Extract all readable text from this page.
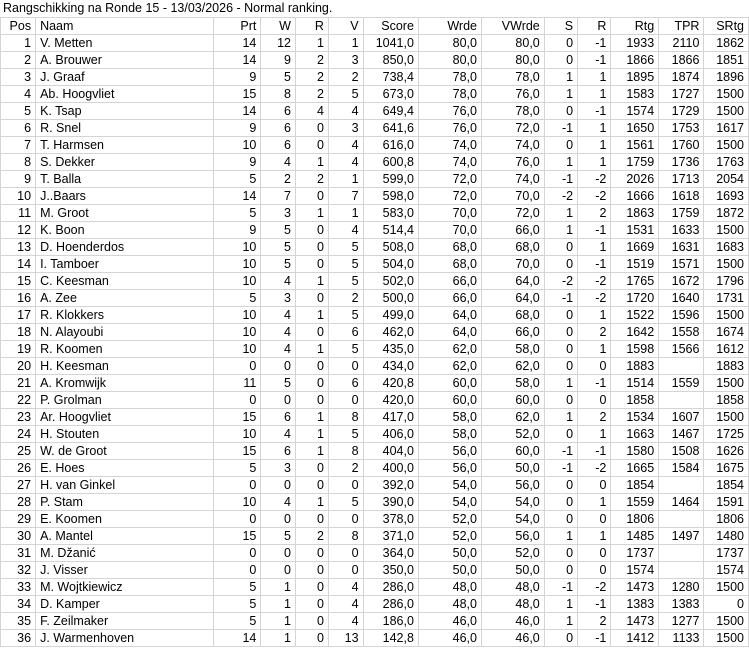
Rangschikking na Ronde 15 - 13/03/2026 - Normal ranking.
Pos	Naam	Prt	W	R	V	Score	Wrde	VWrde	S	R	Rtg	TPR	SRtg
1	V. Metten	14	12	1	1	1041,0	80,0	80,0	0	-1	1933	2110	1862
2	A. Brouwer	14	9	2	3	850,0	80,0	80,0	0	-1	1866	1866	1851
3	J. Graaf	9	5	2	2	738,4	78,0	78,0	1	1	1895	1874	1896
4	Ab. Hoogvliet	15	8	2	5	673,0	78,0	76,0	1	1	1583	1727	1500
5	K. Tsap	14	6	4	4	649,4	76,0	78,0	0	-1	1574	1729	1500
6	R. Snel	9	6	0	3	641,6	76,0	72,0	-1	1	1650	1753	1617
7	T. Harmsen	10	6	0	4	616,0	74,0	74,0	0	1	1561	1760	1500
8	S. Dekker	9	4	1	4	600,8	74,0	76,0	1	1	1759	1736	1763
9	T. Balla	5	2	2	1	599,0	72,0	74,0	-1	-2	2026	1713	2054
10	J..Baars	14	7	0	7	598,0	72,0	70,0	-2	-2	1666	1618	1693
11	M. Groot	5	3	1	1	583,0	70,0	72,0	1	2	1863	1759	1872
12	K. Boon	9	5	0	4	514,4	70,0	66,0	1	-1	1531	1633	1500
13	D. Hoenderdos	10	5	0	5	508,0	68,0	68,0	0	1	1669	1631	1683
14	I. Tamboer	10	5	0	5	504,0	68,0	70,0	0	-1	1519	1571	1500
15	C. Keesman	10	4	1	5	502,0	66,0	64,0	-2	-2	1765	1672	1796
16	A. Zee	5	3	0	2	500,0	66,0	64,0	-1	-2	1720	1640	1731
17	R. Klokkers	10	4	1	5	499,0	64,0	68,0	0	1	1522	1596	1500
18	N. Alayoubi	10	4	0	6	462,0	64,0	66,0	0	2	1642	1558	1674
19	R. Koomen	10	4	1	5	435,0	62,0	58,0	0	1	1598	1566	1612
20	H. Keesman	0	0	0	0	434,0	62,0	62,0	0	0	1883		1883
21	A. Kromwijk	11	5	0	6	420,8	60,0	58,0	1	-1	1514	1559	1500
22	P. Grolman	0	0	0	0	420,0	60,0	60,0	0	0	1858		1858
23	Ar. Hoogvliet	15	6	1	8	417,0	58,0	62,0	1	2	1534	1607	1500
24	H. Stouten	10	4	1	5	406,0	58,0	52,0	0	1	1663	1467	1725
25	W. de Groot	15	6	1	8	404,0	56,0	60,0	-1	-1	1580	1508	1626
26	E. Hoes	5	3	0	2	400,0	56,0	50,0	-1	-2	1665	1584	1675
27	H. van Ginkel	0	0	0	0	392,0	54,0	56,0	0	0	1854		1854
28	P. Stam	10	4	1	5	390,0	54,0	54,0	0	1	1559	1464	1591
29	E. Koomen	0	0	0	0	378,0	52,0	54,0	0	0	1806		1806
30	A. Mantel	15	5	2	8	371,0	52,0	56,0	1	1	1485	1497	1480
31	M. Džanić	0	0	0	0	364,0	50,0	52,0	0	0	1737		1737
32	J. Visser	0	0	0	0	350,0	50,0	50,0	0	0	1574		1574
33	M. Wojtkiewicz	5	1	0	4	286,0	48,0	48,0	-1	-2	1473	1280	1500
34	D. Kamper	5	1	0	4	286,0	48,0	48,0	1	-1	1383	1383	0
35	F. Zeilmaker	5	1	0	4	186,0	46,0	46,0	1	2	1473	1277	1500
36	J. Warmenhoven	14	1	0	13	142,8	46,0	46,0	0	-1	1412	1133	1500
